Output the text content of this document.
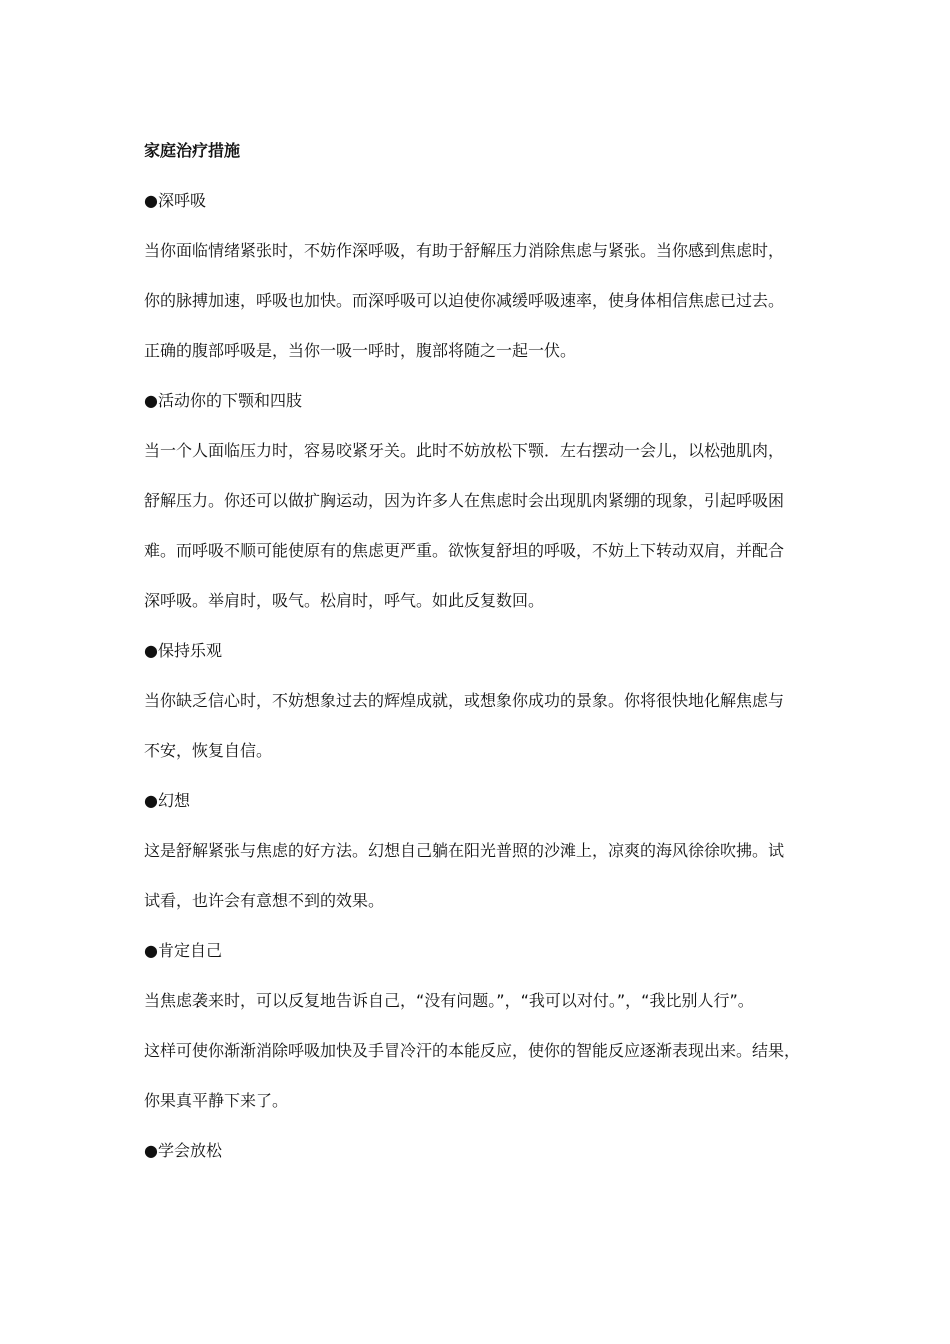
家庭治疗措施

●深呼吸

当你面临情绪紧张时，不妨作深呼吸，有助于舒解压力消除焦虑与紧张。当你感到焦虑时，

你的脉搏加速，呼吸也加快。而深呼吸可以迫使你减缓呼吸速率，使身体相信焦虑已过去。

正确的腹部呼吸是，当你一吸一呼时，腹部将随之一起一伏。

●活动你的下颚和四肢

当一个人面临压力时，容易咬紧牙关。此时不妨放松下颚．左右摆动一会儿，以松弛肌肉，

舒解压力。你还可以做扩胸运动，因为许多人在焦虑时会出现肌肉紧绷的现象，引起呼吸困

难。而呼吸不顺可能使原有的焦虑更严重。欲恢复舒坦的呼吸，不妨上下转动双肩，并配合

深呼吸。举肩时，吸气。松肩时，呼气。如此反复数回。

●保持乐观

当你缺乏信心时，不妨想象过去的辉煌成就，或想象你成功的景象。你将很快地化解焦虑与

不安，恢复自信。

●幻想

这是舒解紧张与焦虑的好方法。幻想自己躺在阳光普照的沙滩上，凉爽的海风徐徐吹拂。试

试看，也许会有意想不到的效果。

●肯定自己

当焦虑袭来时，可以反复地告诉自己，“没有问题。”，“我可以对付。”，“我比别人行”。

这样可使你渐渐消除呼吸加快及手冒冷汗的本能反应，使你的智能反应逐渐表现出来。结果，

你果真平静下来了。

●学会放松
